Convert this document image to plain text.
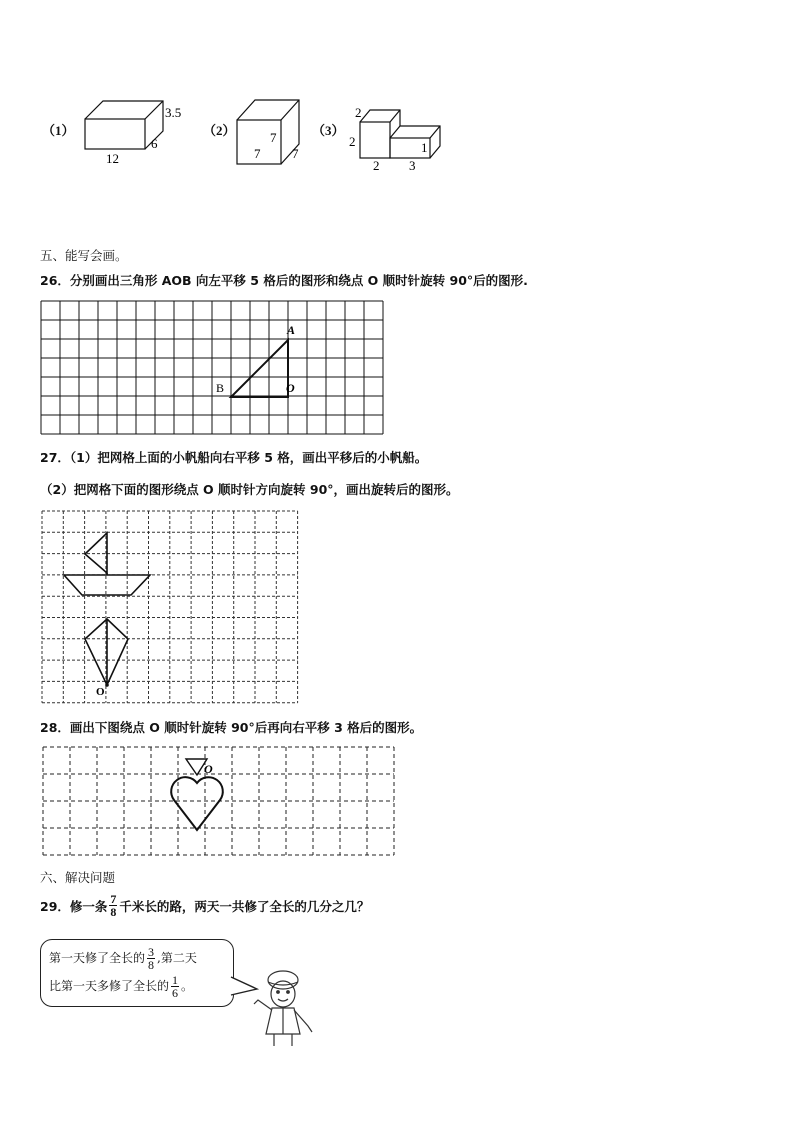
（1）
3.5
6
12
（2）	7
7 7
（3）
2
2	1
2 3
五、能写会画。
26．分别画出三角形 AOB 向左平移 5 格后的图形和绕点 O 顺时针旋转 90°后的图形.
A
B	O
27．（1）把网格上面的小帆船向右平移 5 格，画出平移后的小帆船。
（2）把网格下面的图形绕点 O 顺时针方向旋转 90°，画出旋转后的图形。
O
28．画出下图绕点 O 顺时针旋转 90°后再向右平移 3 格后的图形。
O
六、解决问题
29．修一条 $\frac{7}{8}$ 千米长的路，两天一共修了全长的几分之几？
第一天修了全长的 $\frac{3}{8}$ ,第二天
比第一天多修了全长的 $\frac{1}{6}$ 。
